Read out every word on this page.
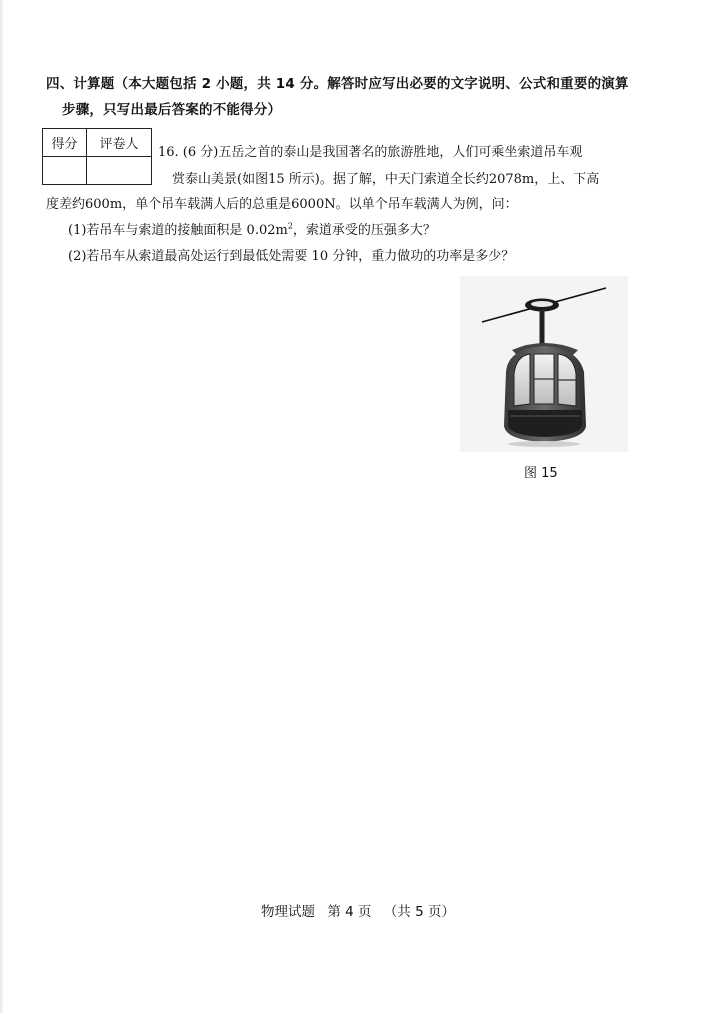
四、计算题（本大题包括 2 小题，共 14 分。解答时应写出必要的文字说明、公式和重要的演算
步骤，只写出最后答案的不能得分）
得分	评卷人

16. (6 分)五岳之首的泰山是我国著名的旅游胜地，人们可乘坐索道吊车观
赏泰山美景(如图15 所示)。据了解，中天门索道全长约2078m，上、下高
度差约600m，单个吊车载满人后的总重是6000N。以单个吊车载满人为例，问：
(1)若吊车与索道的接触面积是 $0.02m^2$，索道承受的压强多大？
(2)若吊车从索道最高处运行到最低处需要 10 分钟，重力做功的功率是多少？
图 15
物理试题 第 4 页 （共 5 页）
